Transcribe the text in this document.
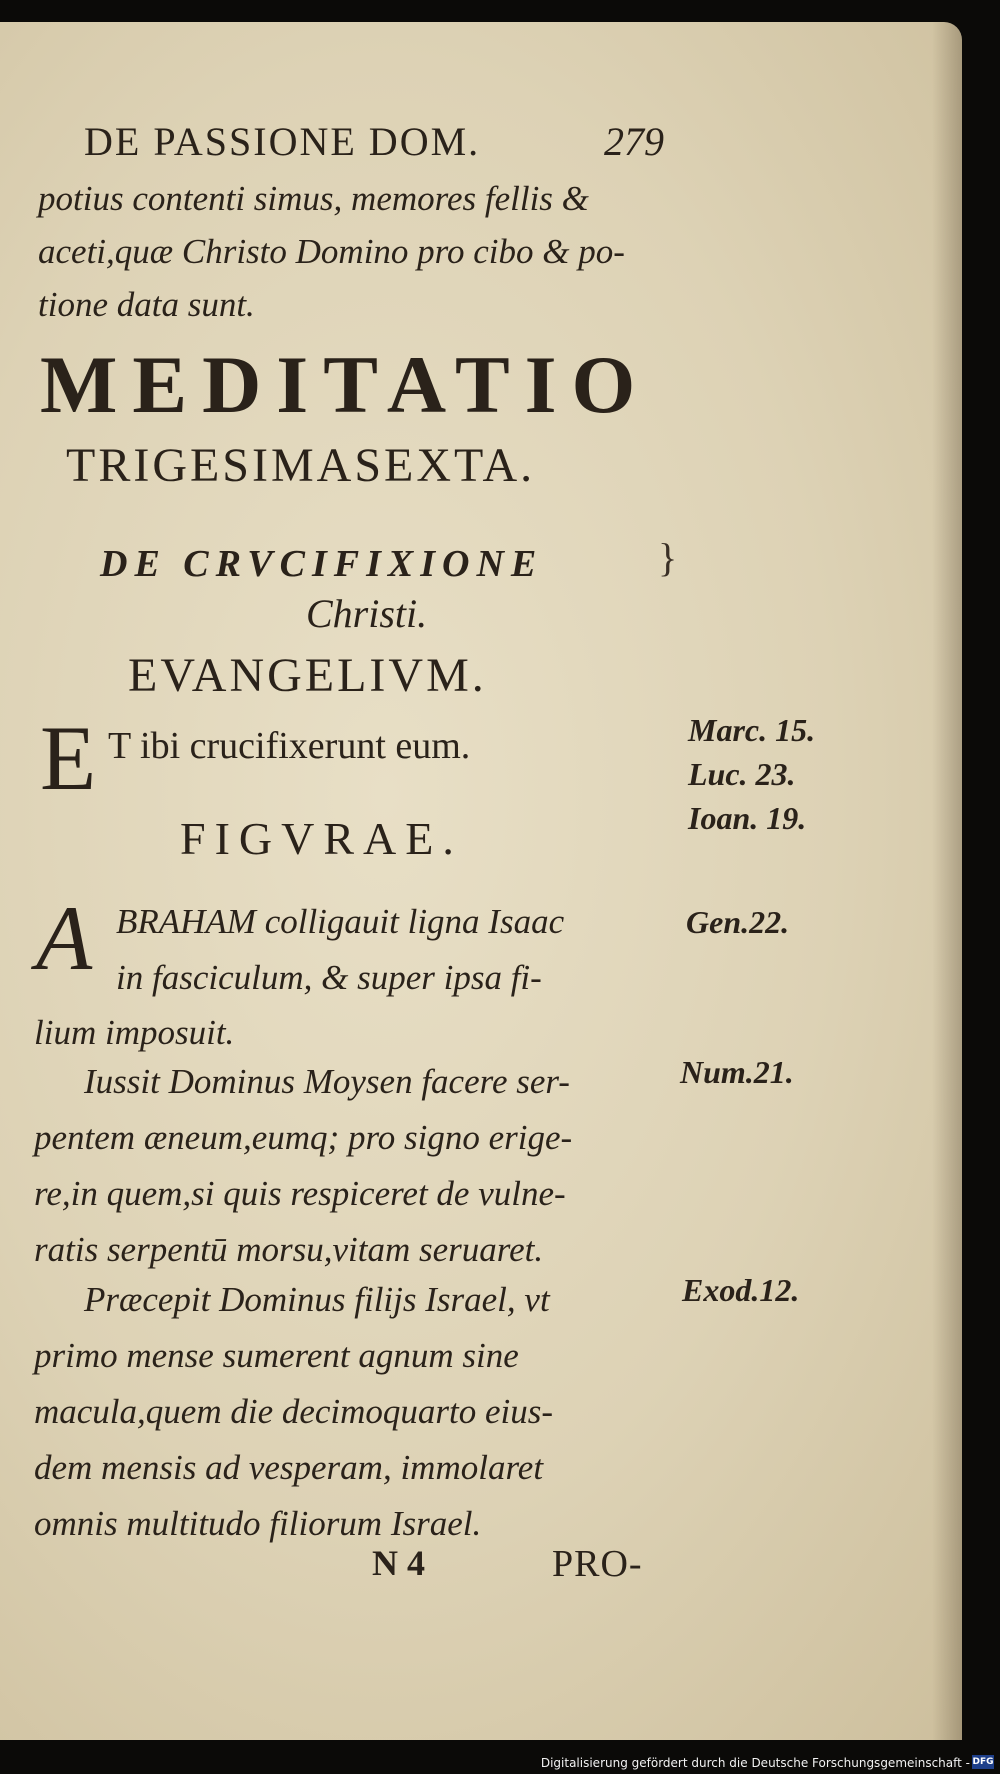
DE PASSIONE DOM.	279
potius contenti simus, memores fellis &
aceti,quæ Christo Domino pro cibo & po-
tione data sunt.
MEDITATIO
TRIGESIMASEXTA.
DE CRVCIFIXIONE	}
Christi.
EVANGELIVM.
E T ibi crucifixerunt eum.	Marc. 15.
Luc. 23.
Ioan. 19.
FIGVRAE.
A BRAHAM colligauit ligna Isaac
in fasciculum, & super ipsa fi-
lium imposuit.
Gen.22.
Iussit Dominus Moysen facere ser-
pentem æneum,eumq; pro signo erige-
re,in quem,si quis respiceret de vulne-
ratis serpentū morsu,vitam seruaret.
Num.21.
Præcepit Dominus filijs Israel, vt
primo mense sumerent agnum sine
macula,quem die decimoquarto eius-
dem mensis ad vesperam, immolaret
omnis multitudo filiorum Israel.
Exod.12.
N 4	PRO-
Digitalisierung gefördert durch die Deutsche Forschungsgemeinschaft - DFG
